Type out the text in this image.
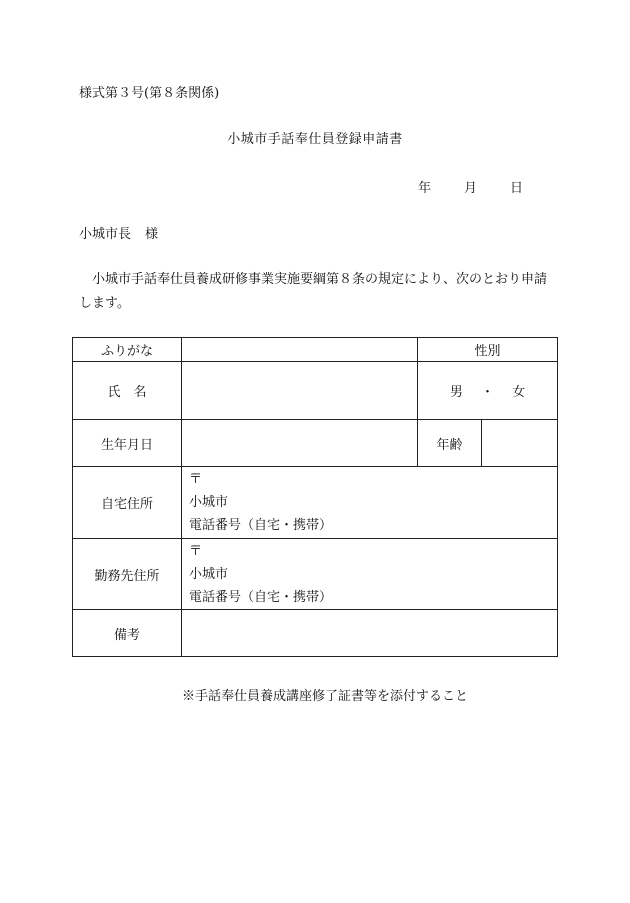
様式第３号(第８条関係)
小城市手話奉仕員登録申請書
年	月	日
小城市長 様
小城市手話奉仕員養成研修事業実施要綱第８条の規定により、次のとおり申請します。
ふりがな		性別	
氏　名		男 ・ 女	
生年月日		年齢	
自宅住所	〒
小城市
電話番号（自宅・携帯）		

勤務先住所	〒
小城市
電話番号（自宅・携帯）		

備考			
※手話奉仕員養成講座修了証書等を添付すること
